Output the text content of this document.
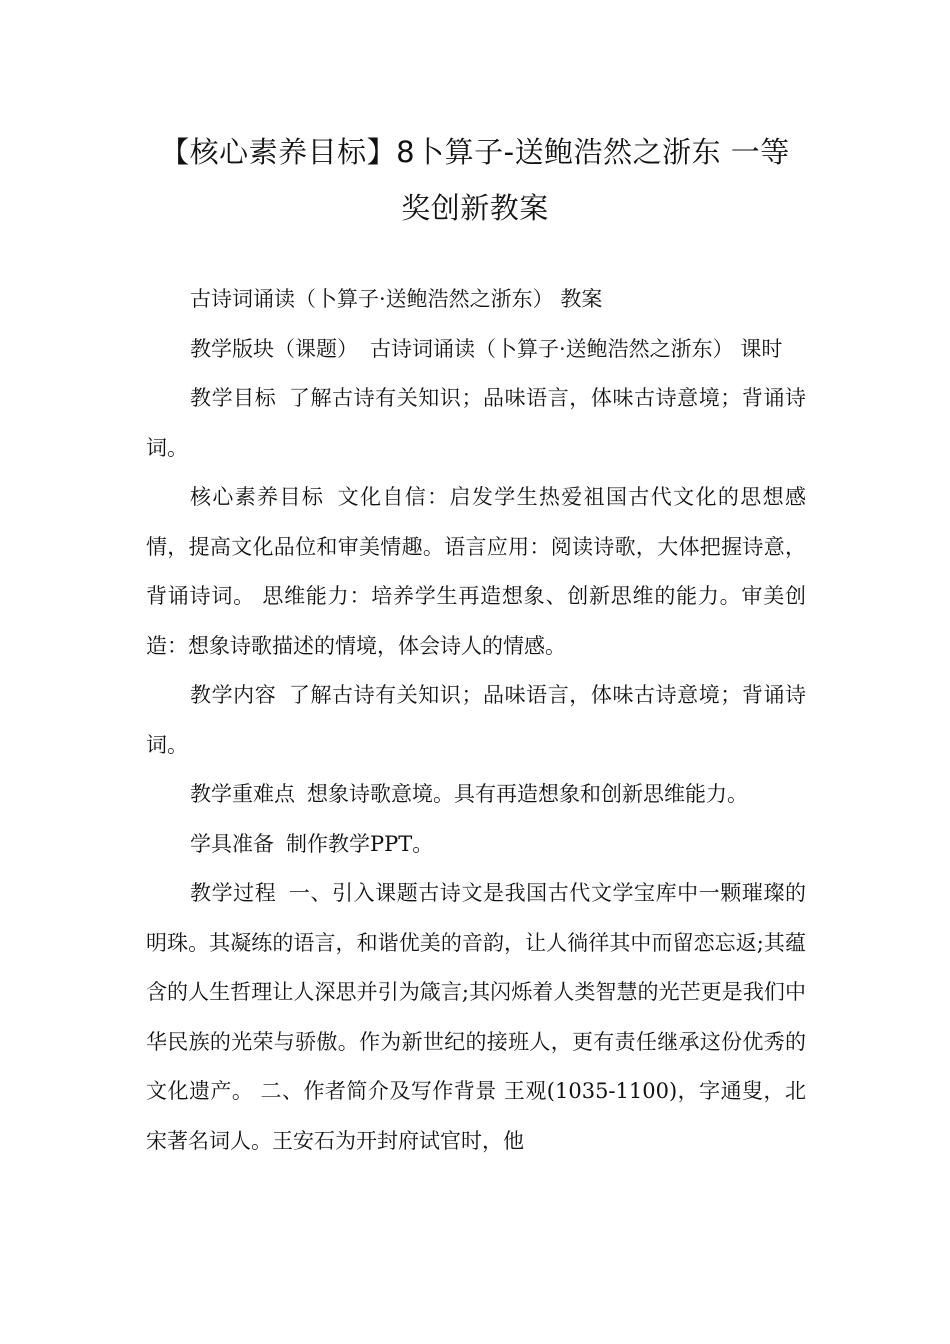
【核心素养目标】8卜算子-送鲍浩然之浙东 一等奖创新教案

古诗词诵读（卜算子·送鲍浩然之浙东） 教案

教学版块（课题） 古诗词诵读（卜算子·送鲍浩然之浙东） 课时

教学目标 了解古诗有关知识；品味语言，体味古诗意境；背诵诗词。

核心素养目标 文化自信：启发学生热爱祖国古代文化的思想感情，提高文化品位和审美情趣。语言应用：阅读诗歌，大体把握诗意，背诵诗词。 思维能力：培养学生再造想象、创新思维的能力。审美创造：想象诗歌描述的情境，体会诗人的情感。

教学内容 了解古诗有关知识；品味语言，体味古诗意境；背诵诗词。

教学重难点 想象诗歌意境。具有再造想象和创新思维能力。

学具准备 制作教学PPT。

教学过程 一、引入课题古诗文是我国古代文学宝库中一颗璀璨的明珠。其凝练的语言，和谐优美的音韵，让人徜徉其中而留恋忘返;其蕴含的人生哲理让人深思并引为箴言;其闪烁着人类智慧的光芒更是我们中华民族的光荣与骄傲。作为新世纪的接班人，更有责任继承这份优秀的文化遗产。 二、作者简介及写作背景 王观(1035-1100)，字通叟，北宋著名词人。王安石为开封府试官时，他
